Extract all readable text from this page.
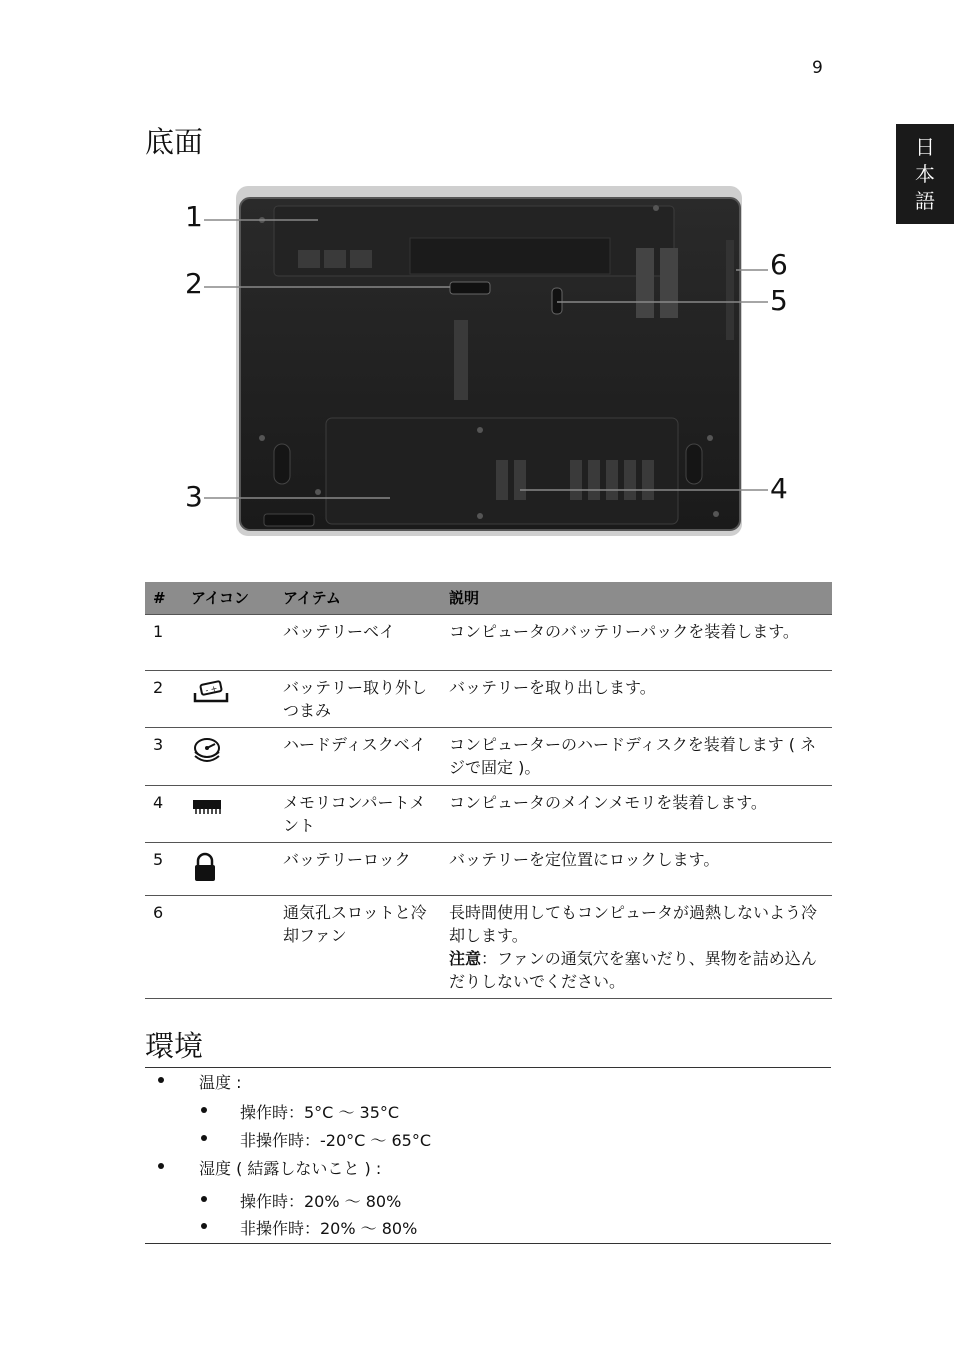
9
日
本
語
底面
1
2
3	4
5
6
#	アイコン	アイテム	説明
1		バッテリーベイ	コンピュータのバッテリーパックを装着します。
2	- +	バッテリー取り外しつまみ	バッテリーを取り出します。
3		ハードディスクベイ	コンピューターのハードディスクを装着します ( ネジで固定 )。
4		メモリコンパートメント	コンピュータのメインメモリを装着します。
5		バッテリーロック	バッテリーを定位置にロックします。
6		通気孔スロットと冷却ファン	長時間使用してもコンピュータが過熱しないよう冷却します。
注意：ファンの通気穴を塞いだり、異物を詰め込んだりしないでください。
環境
温度 :
操作時：5°C ～ 35°C
非操作時：-20°C ～ 65°C
湿度 ( 結露しないこと ) :
操作時：20% ～ 80%
非操作時：20% ～ 80%
